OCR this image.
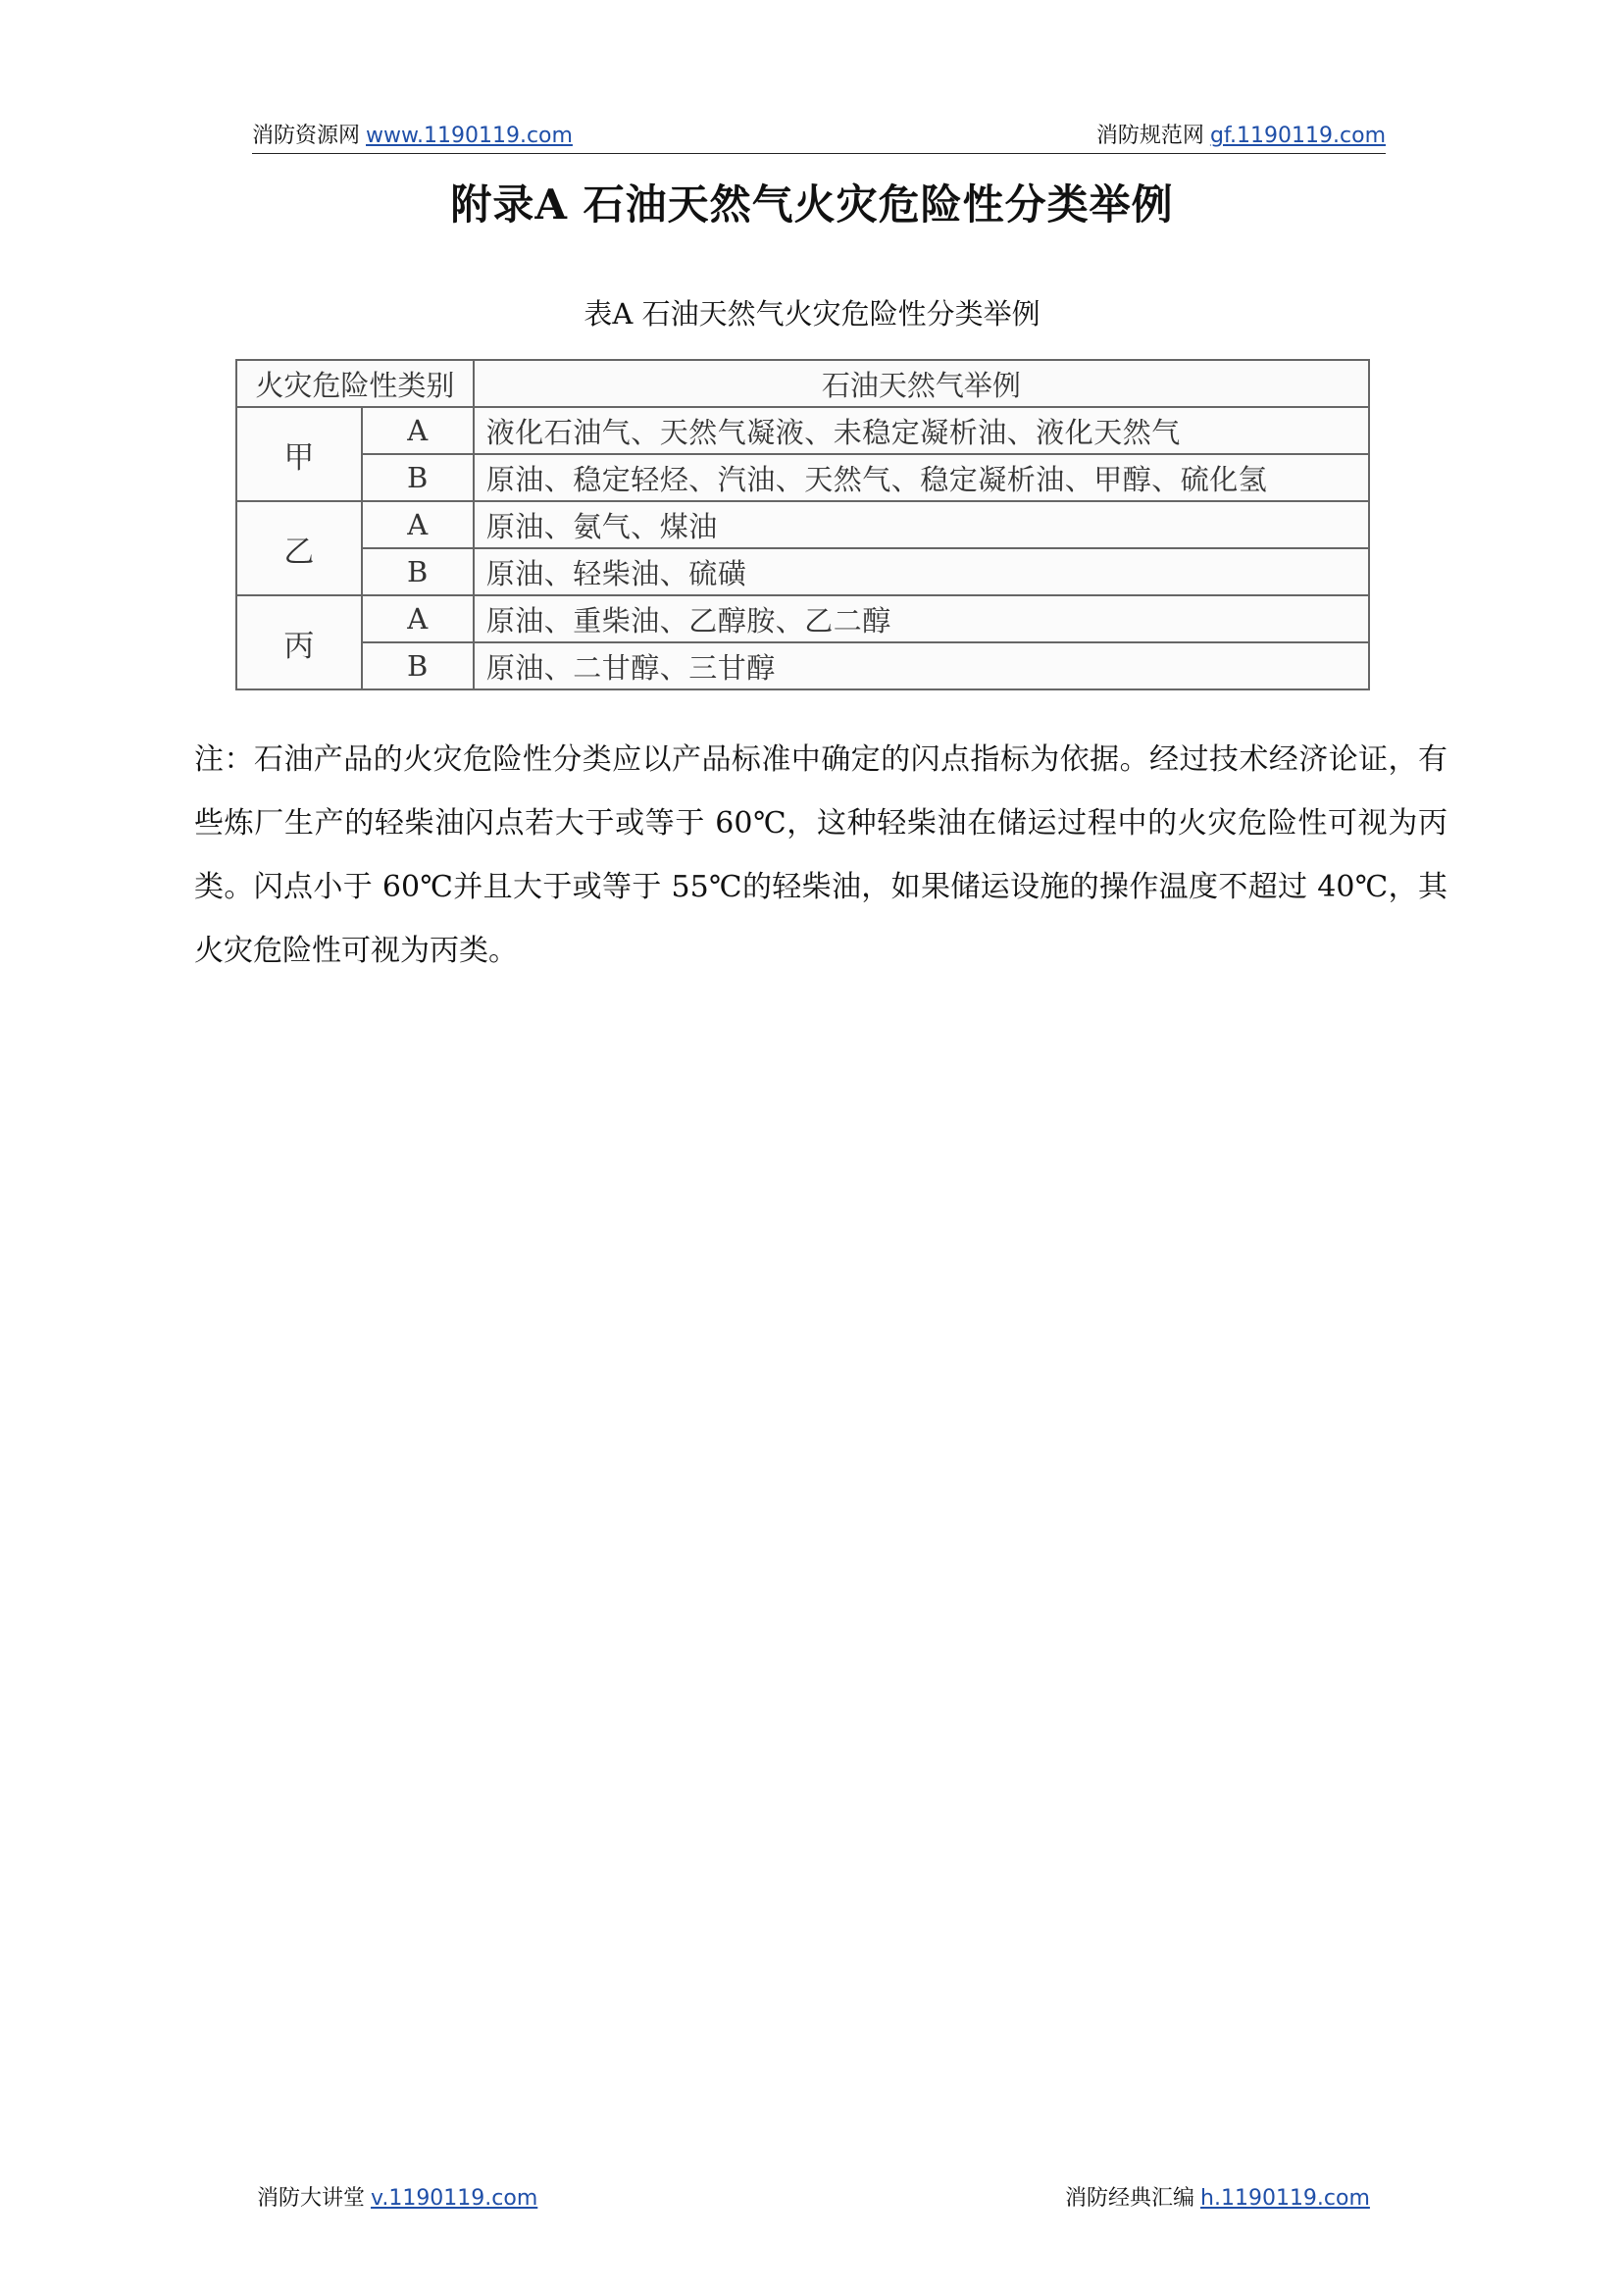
消防资源网 www.1190119.com	消防规范网 gf.1190119.com
附录A 石油天然气火灾危险性分类举例
表A 石油天然气火灾危险性分类举例
火灾危险性类别		石油天然气举例
甲	A	液化石油气、天然气凝液、未稳定凝析油、液化天然气
	B	原油、稳定轻烃、汽油、天然气、稳定凝析油、甲醇、硫化氢
乙	A	原油、氨气、煤油
	B	原油、轻柴油、硫磺
丙	A	原油、重柴油、乙醇胺、乙二醇
	B	原油、二甘醇、三甘醇
注：石油产品的火灾危险性分类应以产品标准中确定的闪点指标为依据。经过技术经济论证，有些炼厂生产的轻柴油闪点若大于或等于 60℃，这种轻柴油在储运过程中的火灾危险性可视为丙类。闪点小于 60℃并且大于或等于 55℃的轻柴油，如果储运设施的操作温度不超过 40℃，其火灾危险性可视为丙类。
消防大讲堂 v.1190119.com	消防经典汇编 h.1190119.com
